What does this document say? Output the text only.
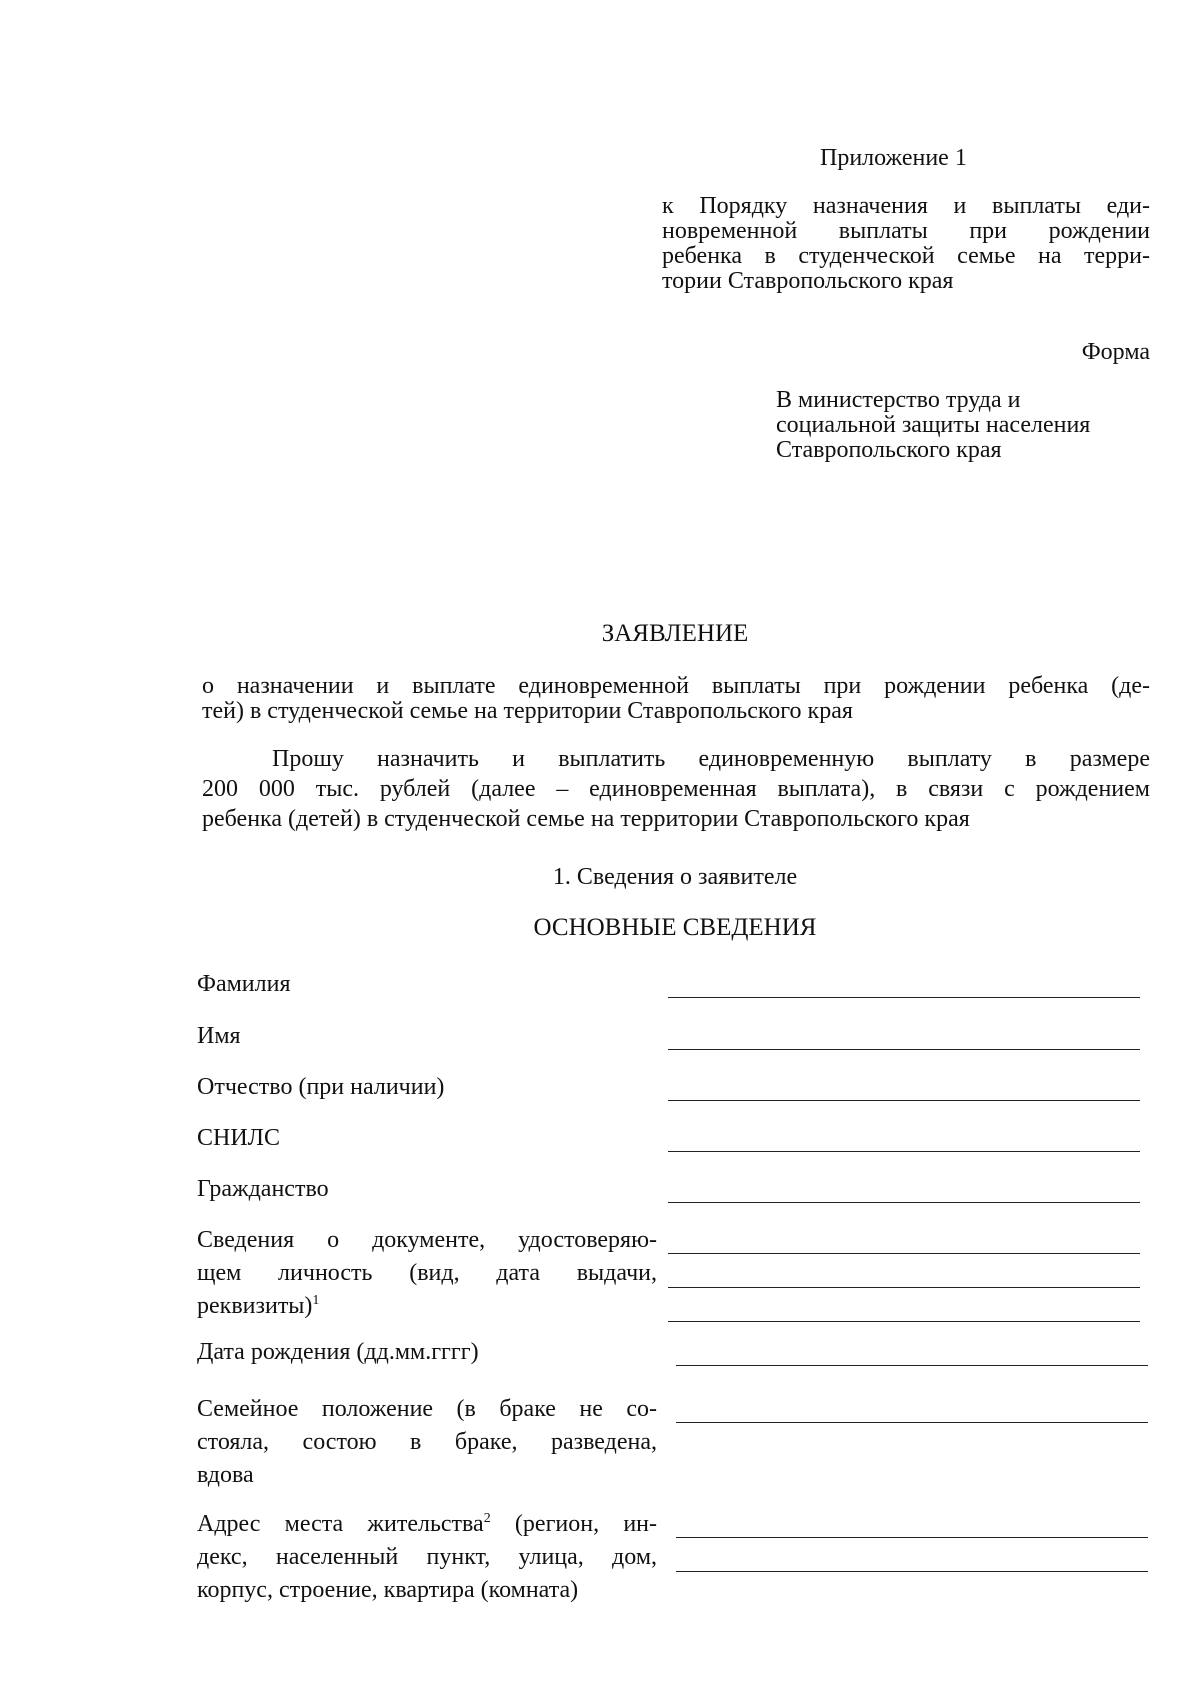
Приложение 1
к Порядку назначения и выплаты еди-
новременной выплаты при рождении
ребенка в студенческой семье на терри-
тории Ставропольского края
Форма
В министерство труда и
социальной защиты населения
Ставропольского края
ЗАЯВЛЕНИЕ
о назначении и выплате единовременной выплаты при рождении ребенка (де-
тей) в студенческой семье на территории Ставропольского края
Прошу назначить и выплатить единовременную выплату в размере
200 000 тыс. рублей (далее – единовременная выплата), в связи с рождением
ребенка (детей) в студенческой семье на территории Ставропольского края
1. Сведения о заявителе
ОСНОВНЫЕ СВЕДЕНИЯ
Фамилия
Имя
Отчество (при наличии)
СНИЛС
Гражданство
Сведения о документе, удостоверяю-
щем личность (вид, дата выдачи,
реквизиты)$^1$
Дата рождения (дд.мм.гггг)
Семейное положение (в браке не со-
стояла, состою в браке, разведена,
вдова
Адрес места жительства$^2$ (регион, ин-
декс, населенный пункт, улица, дом,
корпус, строение, квартира (комната)
